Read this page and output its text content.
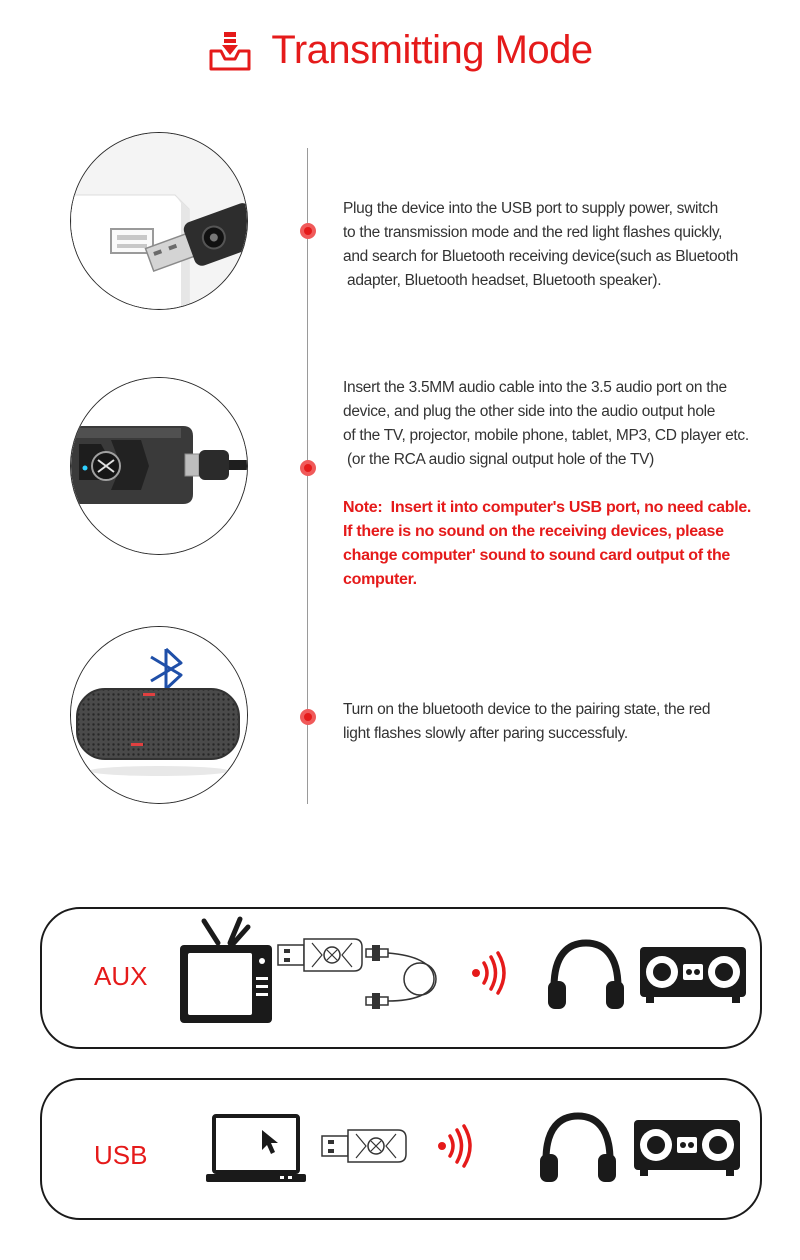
Transmitting Mode

Plug the device into the USB port to supply power, switch

to the transmission mode and the red light flashes quickly,

and search for Bluetooth receiving device(such as Bluetooth

adapter, Bluetooth headset, Bluetooth speaker).

Insert the 3.5MM audio cable into the 3.5 audio port on the

device, and plug the other side into the audio output hole

of the TV, projector, mobile phone, tablet, MP3, CD player etc.

(or the RCA audio signal output hole of the TV)

Note:  Insert it into computer's USB port, no need cable.
If there is no sound on the receiving devices, please
change computer' sound to sound card output of the
computer.

Turn on the bluetooth device to the pairing state, the red

light flashes slowly after paring successfuly.

AUX
USB
